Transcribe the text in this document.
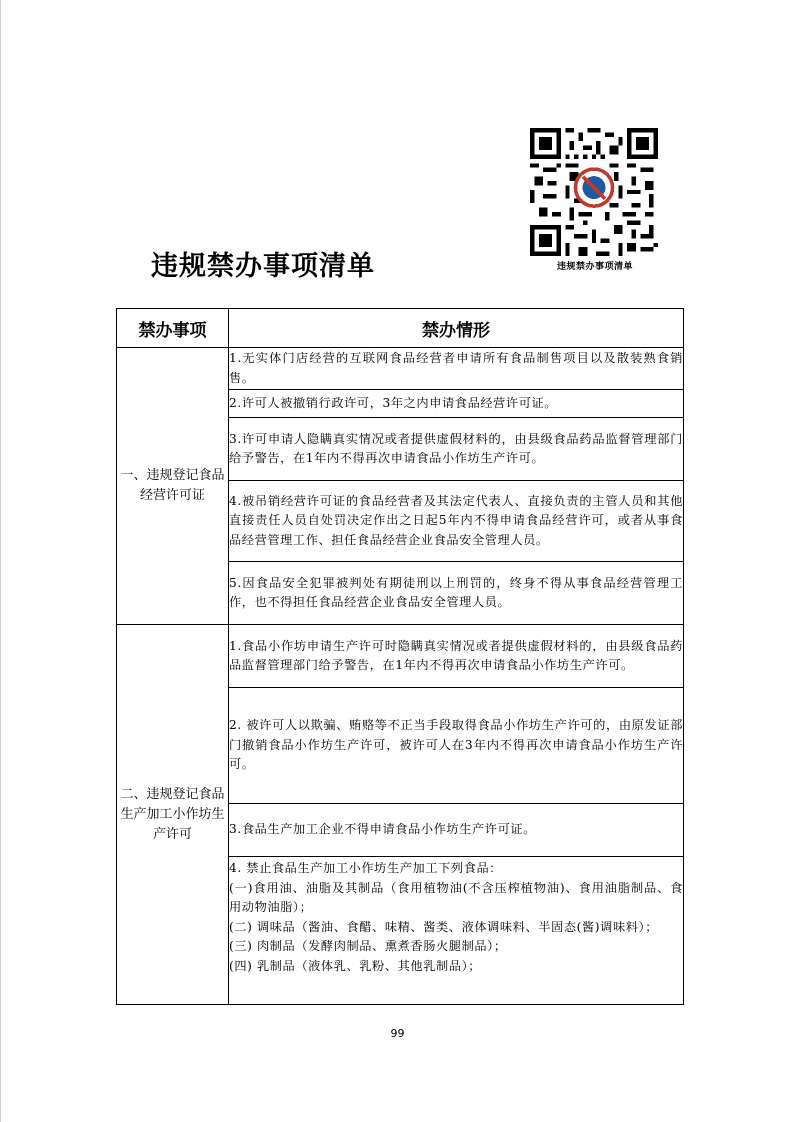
违规禁办事项清单
违规禁办事项清单
禁办事项	禁办情形
一、违规登记食品经营许可证	1.无实体门店经营的互联网食品经营者申请所有食品制售项目以及散装熟食销售。
	2.许可人被撤销行政许可，3年之内申请食品经营许可证。
	3.许可申请人隐瞒真实情况或者提供虚假材料的，由县级食品药品监督管理部门给予警告，在1年内不得再次申请食品小作坊生产许可。
	4.被吊销经营许可证的食品经营者及其法定代表人、直接负责的主管人员和其他直接责任人员自处罚决定作出之日起5年内不得申请食品经营许可，或者从事食品经营管理工作、担任食品经营企业食品安全管理人员。
	5.因食品安全犯罪被判处有期徒刑以上刑罚的，终身不得从事食品经营管理工作，也不得担任食品经营企业食品安全管理人员。
二、违规登记食品生产加工小作坊生产许可	1.食品小作坊申请生产许可时隐瞒真实情况或者提供虚假材料的，由县级食品药品监督管理部门给予警告，在1年内不得再次申请食品小作坊生产许可。
	2. 被许可人以欺骗、贿赂等不正当手段取得食品小作坊生产许可的，由原发证部门撤销食品小作坊生产许可，被许可人在3年内不得再次申请食品小作坊生产许可。
	3.食品生产加工企业不得申请食品小作坊生产许可证。

	4. 禁止食品生产加工小作坊生产加工下列食品：
(一)食用油、油脂及其制品（食用植物油(不含压榨植物油)、食用油脂制品、食用动物油脂）；
(二) 调味品（酱油、食醋、味精、酱类、液体调味料、半固态(酱)调味料）；
(三) 肉制品（发酵肉制品、熏煮香肠火腿制品）；
(四) 乳制品（液体乳、乳粉、其他乳制品）；
99
